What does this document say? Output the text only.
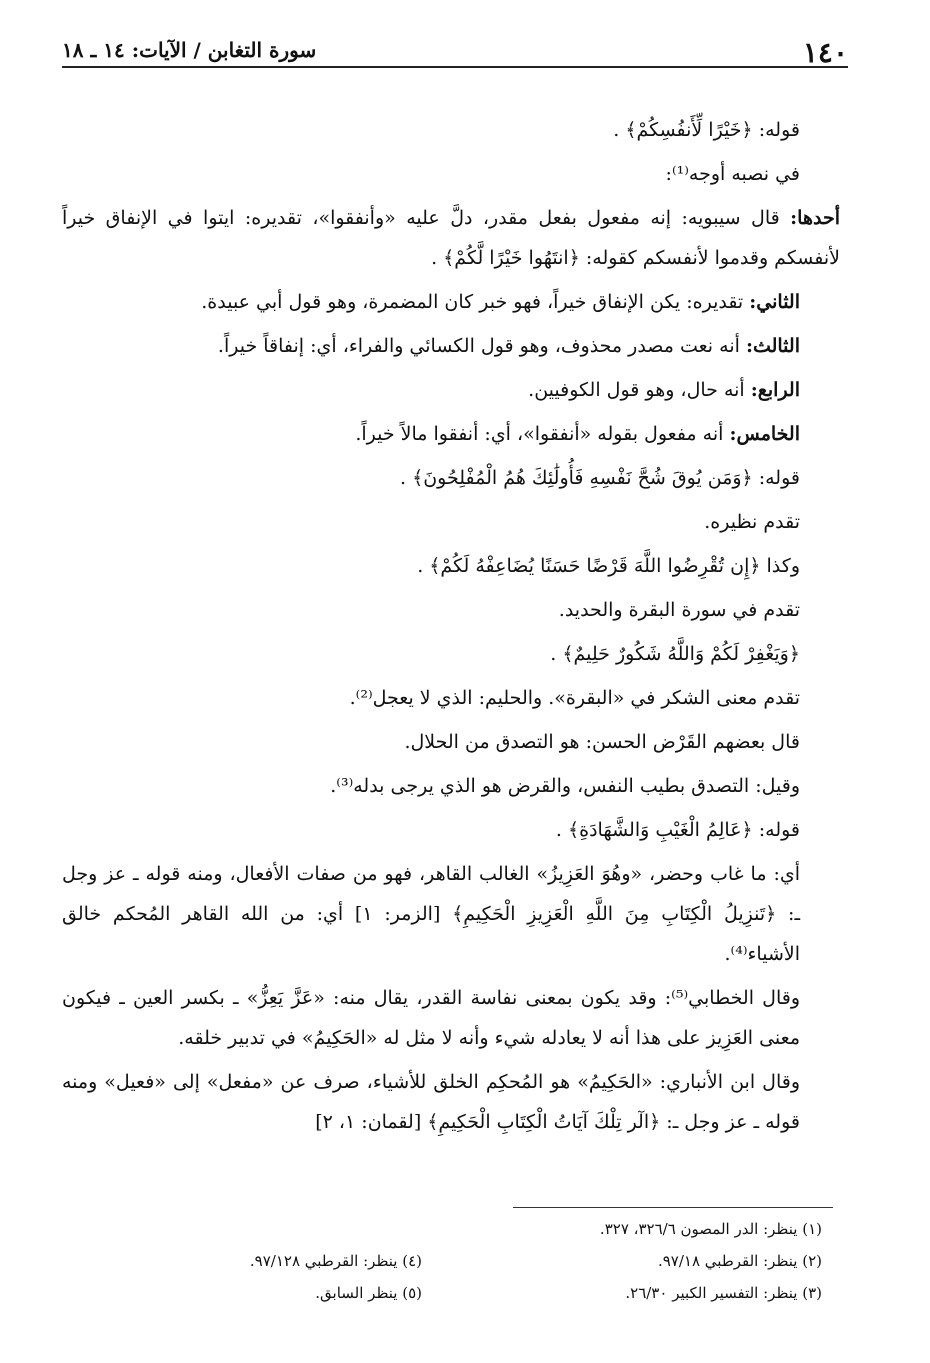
١٤٠
سورة التغابن / الآيات: ١٤ ـ ١٨

قوله: ﴿خَيْرًا لِّأَنفُسِكُمْ﴾ .

في نصبه أوجه⁽¹⁾:

أحدها: قال سيبويه: إنه مفعول بفعل مقدر، دلَّ عليه «وأنفقوا»، تقديره: ايتوا في الإنفاق خيراً لأنفسكم وقدموا لأنفسكم كقوله: ﴿انتَهُوا خَيْرًا لَّكُمْ﴾ .

الثاني: تقديره: يكن الإنفاق خيراً، فهو خبر كان المضمرة، وهو قول أبي عبيدة.

الثالث: أنه نعت مصدر محذوف، وهو قول الكسائي والفراء، أي: إنفاقاً خيراً.

الرابع: أنه حال، وهو قول الكوفيين.

الخامس: أنه مفعول بقوله «أنفقوا»، أي: أنفقوا مالاً خيراً.

قوله: ﴿وَمَن يُوقَ شُحَّ نَفْسِهِ فَأُولَٰئِكَ هُمُ الْمُفْلِحُونَ﴾ .

تقدم نظيره.

وكذا ﴿إِن تُقْرِضُوا اللَّهَ قَرْضًا حَسَنًا يُضَاعِفْهُ لَكُمْ﴾ .

تقدم في سورة البقرة والحديد.

﴿وَيَغْفِرْ لَكُمْ وَاللَّهُ شَكُورٌ حَلِيمٌ﴾ .

تقدم معنى الشكر في «البقرة». والحليم: الذي لا يعجل⁽²⁾.

قال بعضهم القَرْض الحسن: هو التصدق من الحلال.

وقيل: التصدق بطيب النفس، والقرض هو الذي يرجى بدله⁽³⁾.

قوله: ﴿عَالِمُ الْغَيْبِ وَالشَّهَادَةِ﴾ .

أي: ما غاب وحضر، «وهُوَ العَزِيزُ» الغالب القاهر، فهو من صفات الأفعال، ومنه قوله ـ عز وجل ـ: ﴿تَنزِيلُ الْكِتَابِ مِنَ اللَّهِ الْعَزِيزِ الْحَكِيمِ﴾ [الزمر: ١] أي: من الله القاهر المُحكم خالق الأشياء⁽⁴⁾.

وقال الخطابي⁽⁵⁾: وقد يكون بمعنى نفاسة القدر، يقال منه: «عَزَّ يَعِزُّ» ـ بكسر العين ـ فيكون معنى العَزِيز على هذا أنه لا يعادله شيء وأنه لا مثل له «الحَكِيمُ» في تدبير خلقه.

وقال ابن الأنباري: «الحَكِيمُ» هو المُحكِم الخلق للأشياء، صرف عن «مفعل» إلى «فعيل» ومنه قوله ـ عز وجل ـ: ﴿الٓر تِلْكَ آيَاتُ الْكِتَابِ الْحَكِيمِ﴾ [لقمان: ١، ٢]

(١) ينظر: الدر المصون ٣٢٦/٦، ٣٢٧.
(٢) ينظر: القرطبي ٩٧/١٨.
(٤) ينظر: القرطبي ٩٧/١٢٨.
(٣) ينظر: التفسير الكبير ٢٦/٣٠.
(٥) ينظر السابق.
